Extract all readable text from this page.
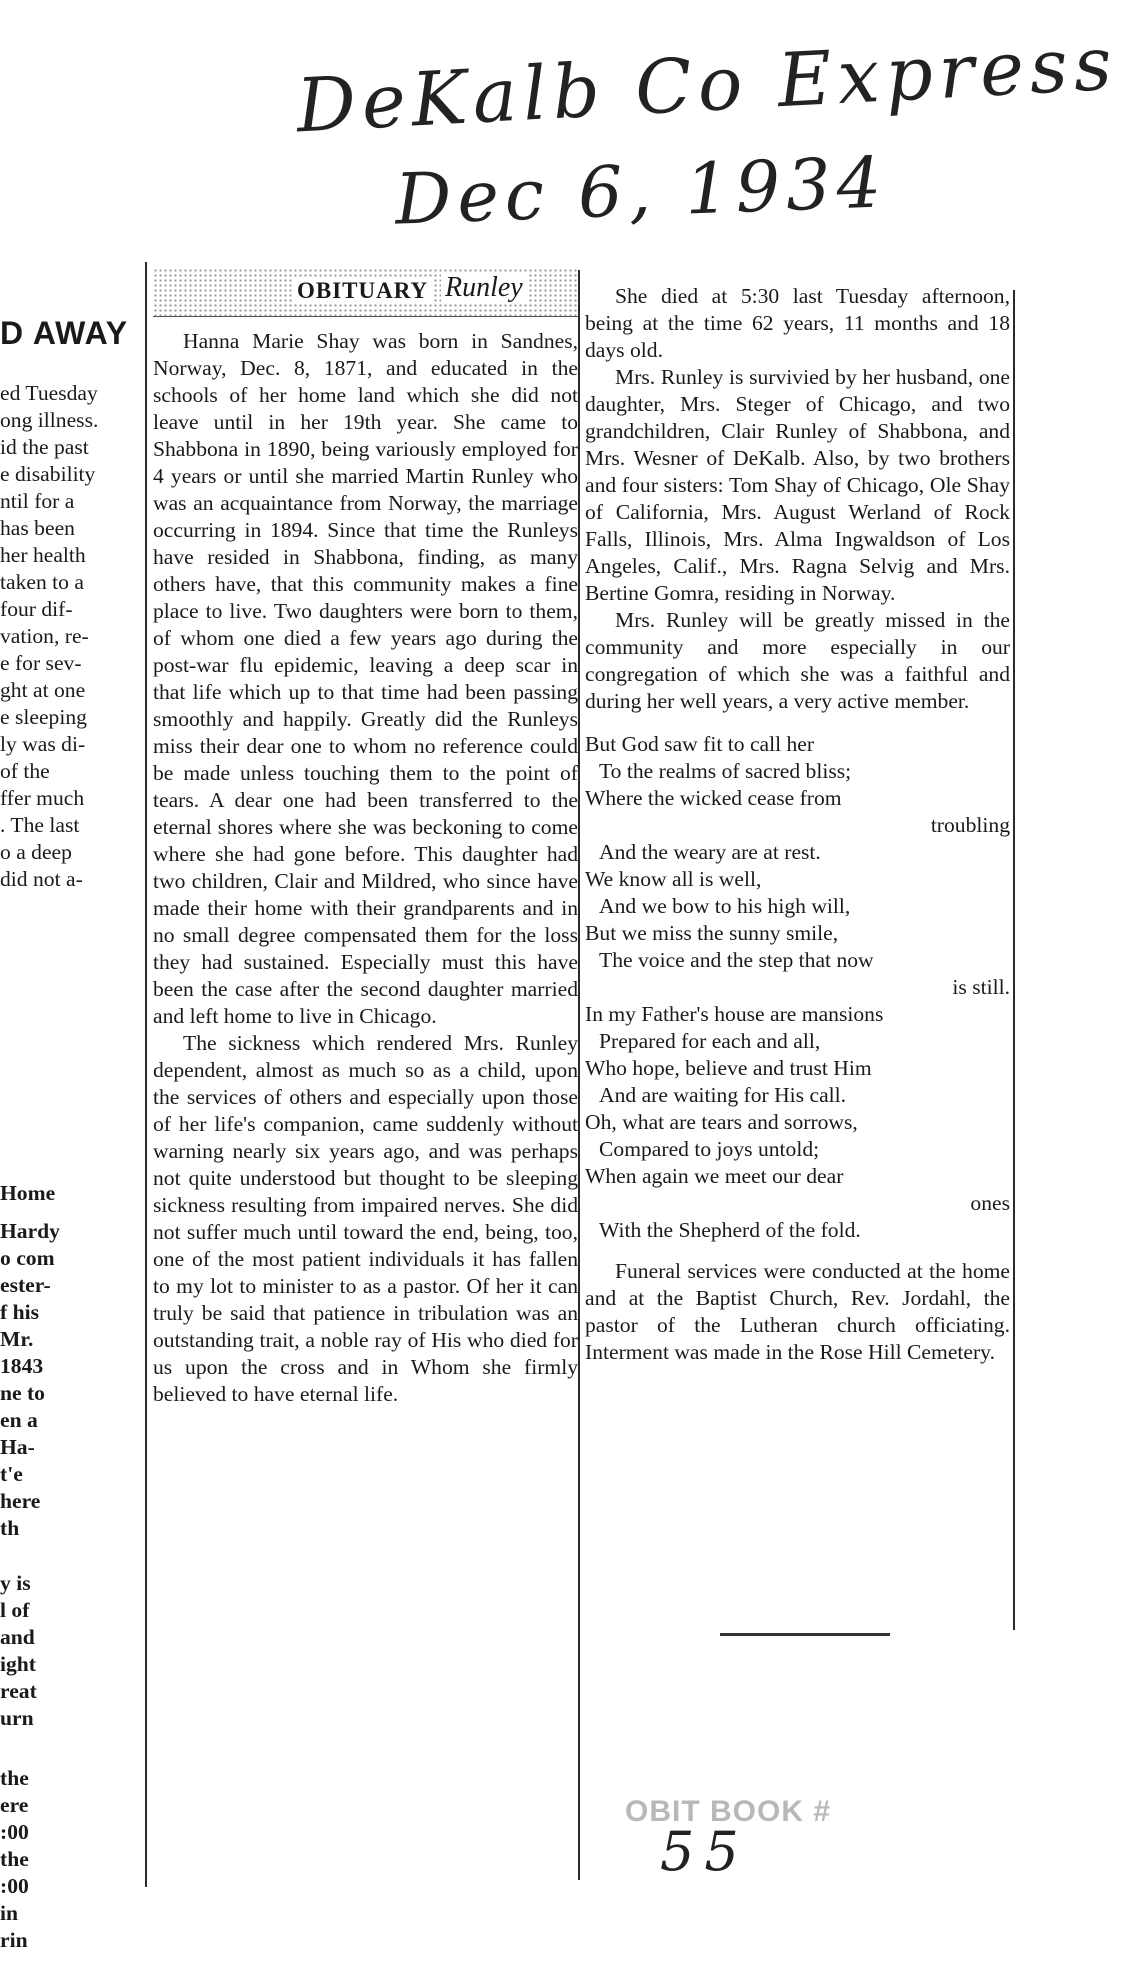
DeKalb Co Express
Dec 6, 1934
D AWAY
ed Tuesday
ong illness.
id the past
e disability
ntil for a
has been
her health
taken to a
four dif-
vation, re-
e for sev-
ght at one
e sleeping
ly was di-
of the
ffer much
. The last
o a deep
did not a-
Home
Hardy
o com
ester-
f his
Mr.
1843
ne to
en a
Ha-
t'e
here
th
y is
l of
and
ight
reat
urn
the
ere
:00
the
:00
in
rin
OBITUARY Runley

Hanna Marie Shay was born in Sandnes, Norway, Dec. 8, 1871, and educated in the schools of her home land which she did not leave until in her 19th year. She came to Shabbona in 1890, being variously employed for 4 years or until she married Martin Runley who was an acquaintance from Norway, the marriage occurring in 1894. Since that time the Runleys have resided in Shabbona, finding, as many others have, that this community makes a fine place to live. Two daughters were born to them, of whom one died a few years ago during the post-war flu epidemic, leaving a deep scar in that life which up to that time had been passing smoothly and happily. Greatly did the Runleys miss their dear one to whom no reference could be made unless touching them to the point of tears. A dear one had been transferred to the eternal shores where she was beckoning to come where she had gone before. This daughter had two children, Clair and Mildred, who since have made their home with their grandparents and in no small degree compensated them for the loss they had sustained. Especially must this have been the case after the second daughter married and left home to live in Chicago.

The sickness which rendered Mrs. Runley dependent, almost as much so as a child, upon the services of others and especially upon those of her life's companion, came suddenly without warning nearly six years ago, and was perhaps not quite understood but thought to be sleeping sickness resulting from impaired nerves. She did not suffer much until toward the end, being, too, one of the most patient individuals it has fallen to my lot to minister to as a pastor. Of her it can truly be said that patience in tribulation was an outstanding trait, a noble ray of His who died for us upon the cross and in Whom she firmly believed to have eternal life.

She died at 5:30 last Tuesday afternoon, being at the time 62 years, 11 months and 18 days old.

Mrs. Runley is survivied by her husband, one daughter, Mrs. Steger of Chicago, and two grandchildren, Clair Runley of Shabbona, and Mrs. Wesner of DeKalb. Also, by two brothers and four sisters: Tom Shay of Chicago, Ole Shay of California, Mrs. August Werland of Rock Falls, Illinois, Mrs. Alma Ingwaldson of Los Angeles, Calif., Mrs. Ragna Selvig and Mrs. Bertine Gomra, residing in Norway.

Mrs. Runley will be greatly missed in the community and more especially in our congregation of which she was a faithful and during her well years, a very active member.

But God saw fit to call her
To the realms of sacred bliss;
Where the wicked cease from
troubling
And the weary are at rest.
We know all is well,
And we bow to his high will,
But we miss the sunny smile,
The voice and the step that now
is still.
In my Father's house are mansions
Prepared for each and all,
Who hope, believe and trust Him
And are waiting for His call.
Oh, what are tears and sorrows,
Compared to joys untold;
When again we meet our dear
ones
With the Shepherd of the fold.

Funeral services were conducted at the home and at the Baptist Church, Rev. Jordahl, the pastor of the Lutheran church officiating. Interment was made in the Rose Hill Cemetery.

OBIT BOOK #
55
